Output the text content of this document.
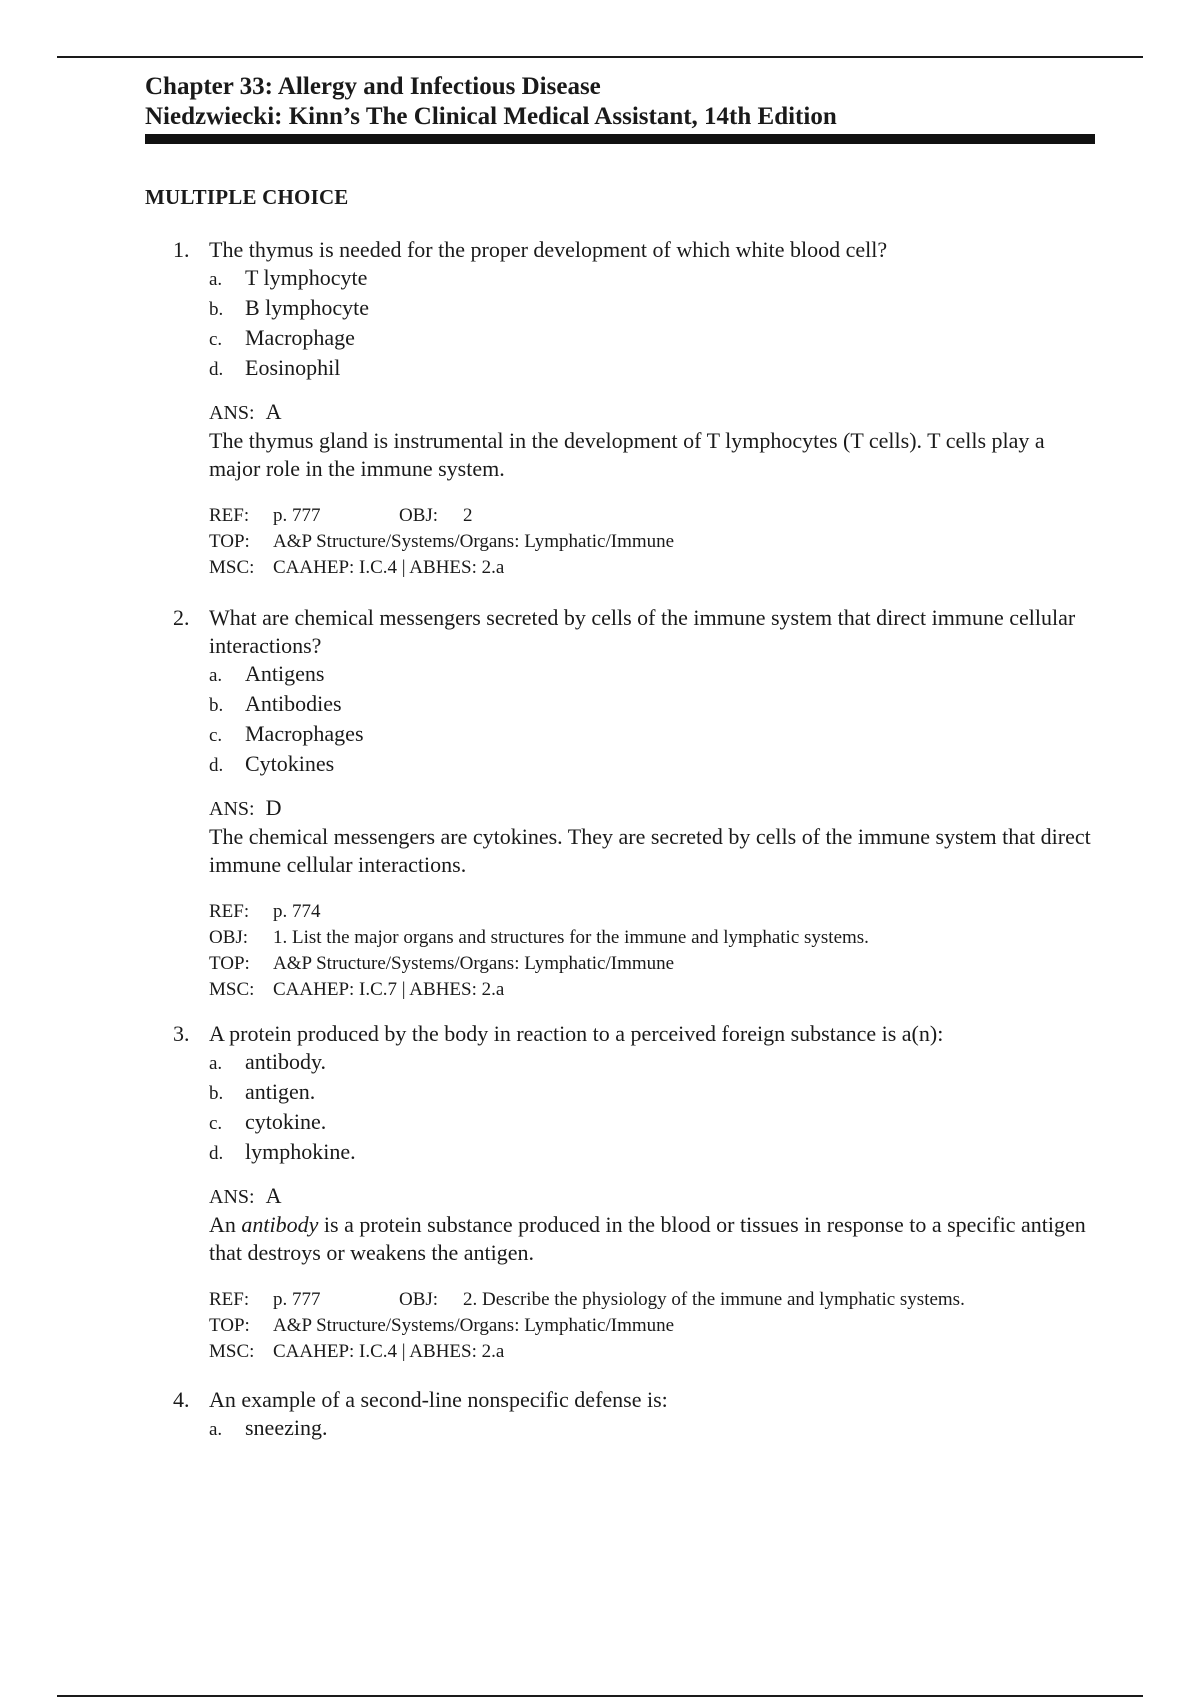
Chapter 33: Allergy and Infectious Disease
Niedzwiecki: Kinn’s The Clinical Medical Assistant, 14th Edition
MULTIPLE CHOICE
1. The thymus is needed for the proper development of which white blood cell?
a. T lymphocyte
b. B lymphocyte
c. Macrophage
d. Eosinophil
ANS: A
The thymus gland is instrumental in the development of T lymphocytes (T cells). T cells play a major role in the immune system.
REF: p. 777	OBJ: 2
TOP: A&P Structure/Systems/Organs: Lymphatic/Immune
MSC: CAAHEP: I.C.4 | ABHES: 2.a
2. What are chemical messengers secreted by cells of the immune system that direct immune cellular interactions?
a. Antigens
b. Antibodies
c. Macrophages
d. Cytokines
ANS: D
The chemical messengers are cytokines. They are secreted by cells of the immune system that direct immune cellular interactions.
REF: p. 774
OBJ: 1. List the major organs and structures for the immune and lymphatic systems.
TOP: A&P Structure/Systems/Organs: Lymphatic/Immune
MSC: CAAHEP: I.C.7 | ABHES: 2.a
3. A protein produced by the body in reaction to a perceived foreign substance is a(n):
a. antibody.
b. antigen.
c. cytokine.
d. lymphokine.
ANS: A
An antibody is a protein substance produced in the blood or tissues in response to a specific antigen that destroys or weakens the antigen.
REF: p. 777	OBJ: 2. Describe the physiology of the immune and lymphatic systems.
TOP: A&P Structure/Systems/Organs: Lymphatic/Immune
MSC: CAAHEP: I.C.4 | ABHES: 2.a
4. An example of a second-line nonspecific defense is:
a. sneezing.
